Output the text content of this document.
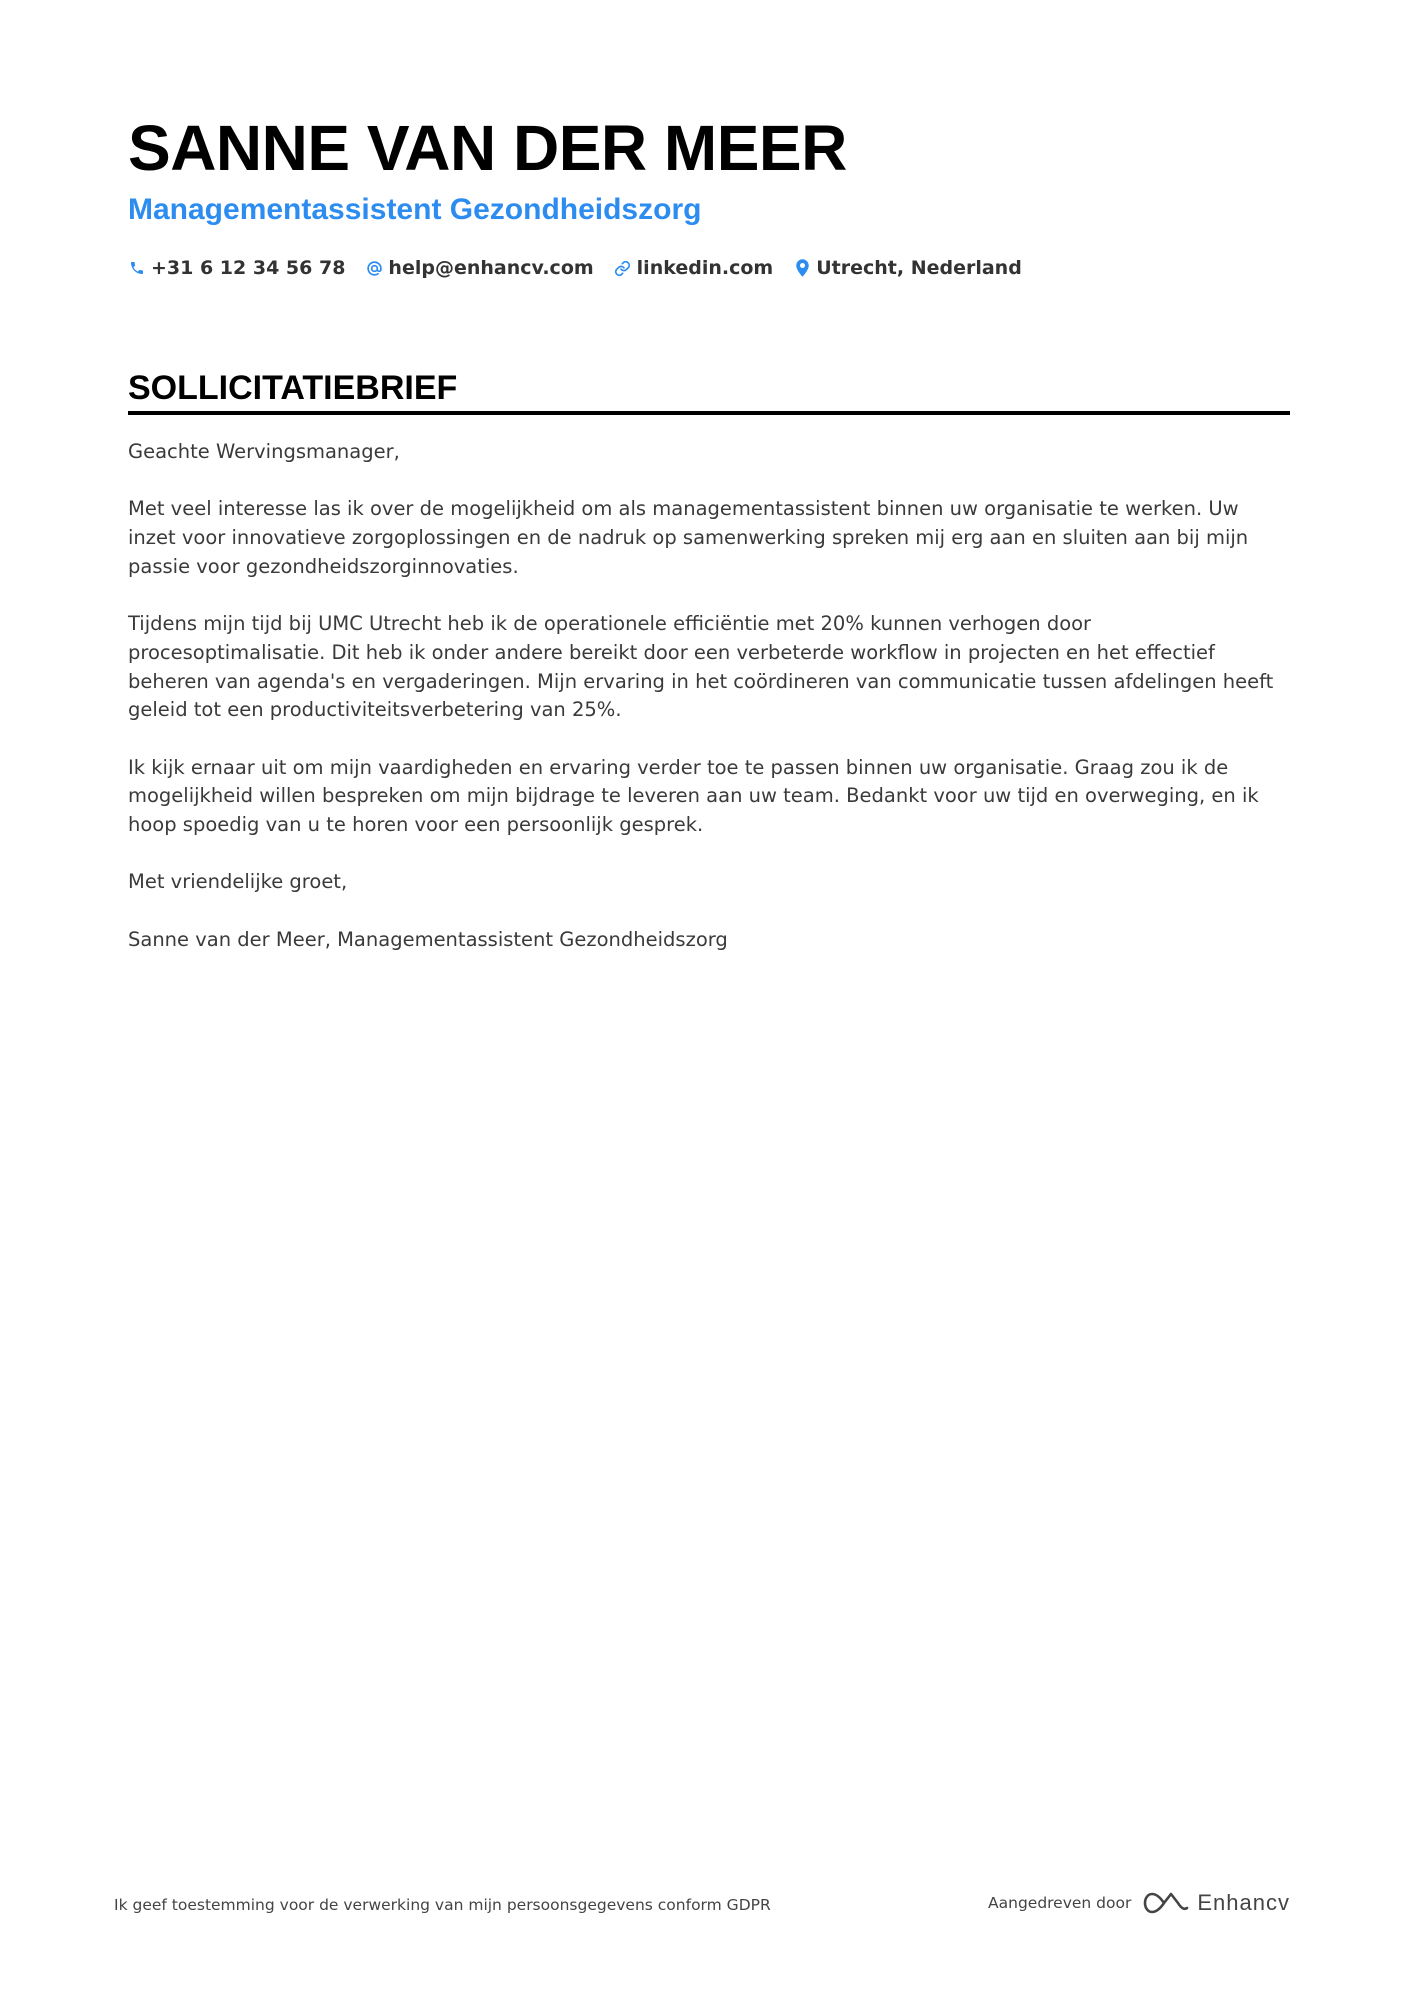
SANNE VAN DER MEER
Managementassistent Gezondheidszorg
+31 6 12 34 56 78 help@enhancv.com linkedin.com Utrecht, Nederland
SOLLICITATIEBRIEF

Geachte Wervingsmanager,

Met veel interesse las ik over de mogelijkheid om als managementassistent binnen uw organisatie te werken. Uw inzet voor innovatieve zorgoplossingen en de nadruk op samenwerking spreken mij erg aan en sluiten aan bij mijn passie voor gezondheidszorginnovaties.

Tijdens mijn tijd bij UMC Utrecht heb ik de operationele efficiëntie met 20% kunnen verhogen door procesoptimalisatie. Dit heb ik onder andere bereikt door een verbeterde workflow in projecten en het effectief beheren van agenda's en vergaderingen. Mijn ervaring in het coördineren van communicatie tussen afdelingen heeft geleid tot een productiviteitsverbetering van 25%.

Ik kijk ernaar uit om mijn vaardigheden en ervaring verder toe te passen binnen uw organisatie. Graag zou ik de mogelijkheid willen bespreken om mijn bijdrage te leveren aan uw team. Bedankt voor uw tijd en overweging, en ik hoop spoedig van u te horen voor een persoonlijk gesprek.

Met vriendelijke groet,

Sanne van der Meer, Managementassistent Gezondheidszorg

Ik geef toestemming voor de verwerking van mijn persoonsgegevens conform GDPR	Aangedreven door	Enhancv
